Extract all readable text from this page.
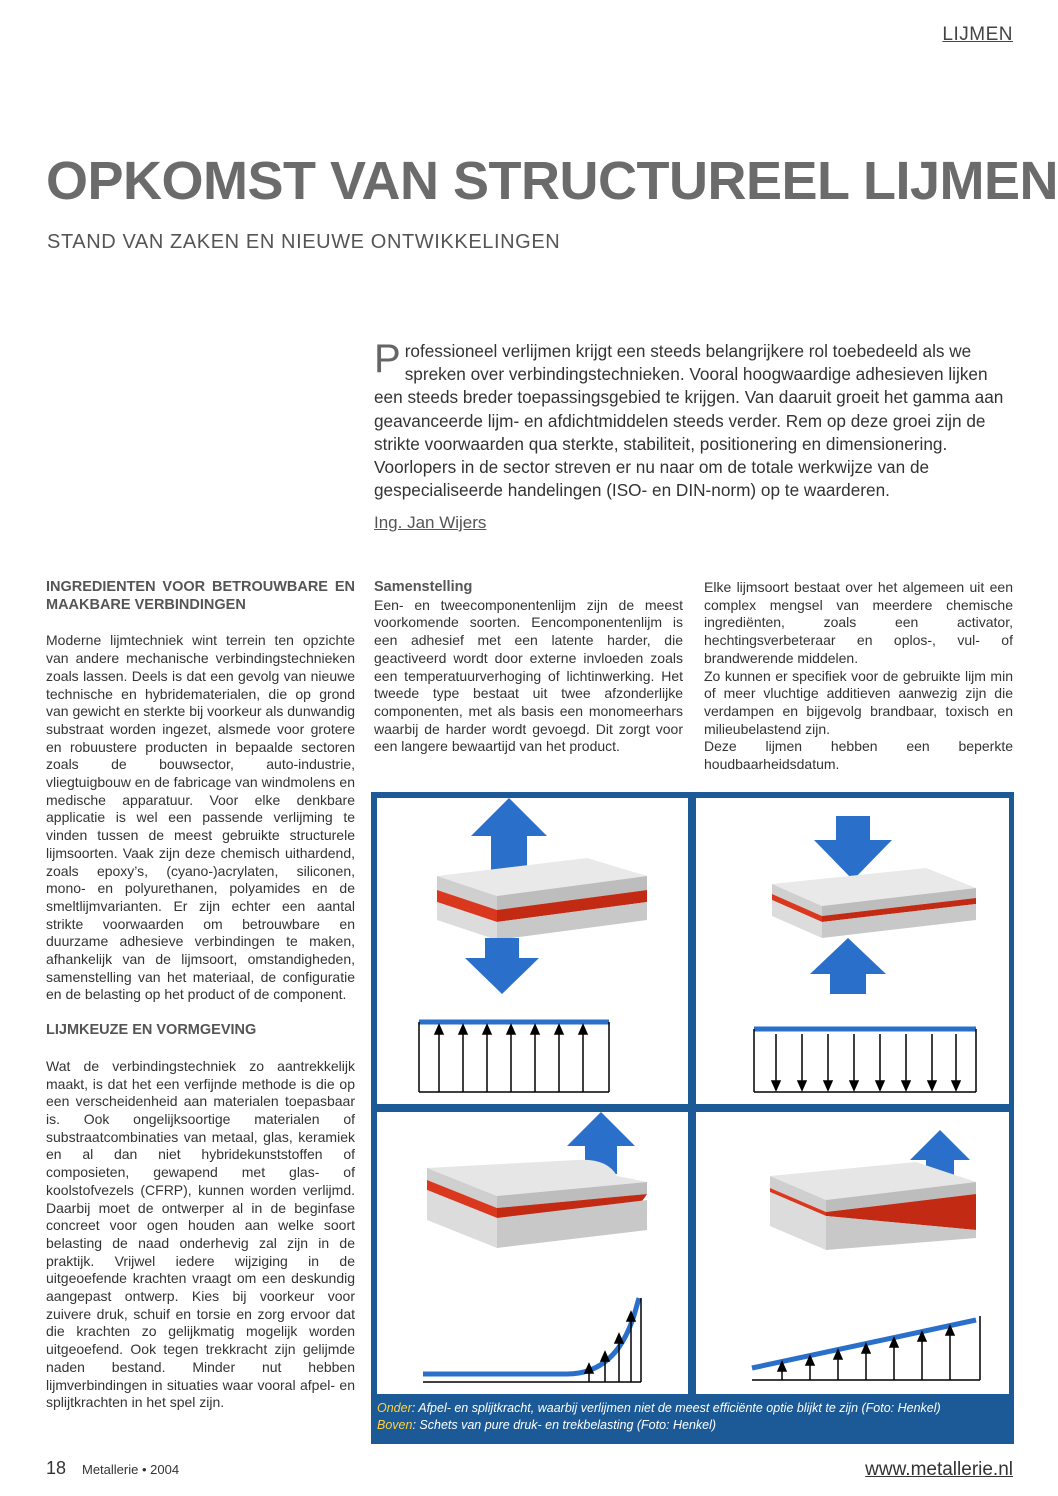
LIJMEN
OPKOMST VAN STRUCTUREEL LIJMEN
STAND VAN ZAKEN EN NIEUWE ONTWIKKELINGEN
Professioneel verlijmen krijgt een steeds belangrijkere rol toebedeeld als we spreken over verbindingstechnieken. Vooral hoogwaardige adhesieven lijken een steeds breder toepassingsgebied te krijgen. Van daaruit groeit het gamma aan geavanceerde lijm- en afdichtmiddelen steeds verder. Rem op deze groei zijn de strikte voorwaarden qua sterkte, stabiliteit, positionering en dimensionering. Voorlopers in de sector streven er nu naar om de totale werkwijze van de gespecialiseerde handelingen (ISO- en DIN-norm) op te waarderen.
Ing. Jan Wijers
INGREDIENTEN VOOR BETROUWBARE EN MAAKBARE VERBINDINGEN

Moderne lijmtechniek wint terrein ten opzichte van andere mechanische verbindingstechnieken zoals lassen. Deels is dat een gevolg van nieuwe technische en hybridematerialen, die op grond van gewicht en sterkte bij voorkeur als dunwandig substraat worden ingezet, alsmede voor grotere en robuustere producten in bepaalde sectoren zoals de bouwsector, auto-industrie, vliegtuigbouw en de fabricage van windmolens en medische apparatuur. Voor elke denkbare applicatie is wel een passende verlijming te vinden tussen de meest gebruikte structurele lijmsoorten. Vaak zijn deze chemisch uithardend, zoals epoxy’s, (cyano-)acrylaten, siliconen, mono- en polyurethanen, polyamides en de smeltlijmvarianten. Er zijn echter een aantal strikte voorwaarden om betrouwbare en duurzame adhesieve verbindingen te maken, afhankelijk van de lijmsoort, omstandigheden, samenstelling van het materiaal, de configuratie en de belasting op het product of de component.

LIJMKEUZE EN VORMGEVING

Wat de verbindingstechniek zo aantrekkelijk maakt, is dat het een verfijnde methode is die op een verscheidenheid aan materialen toepasbaar is. Ook ongelijksoortige materialen of substraatcombinaties van metaal, glas, keramiek en al dan niet hybridekunststoffen of composieten, gewapend met glas- of koolstofvezels (CFRP), kunnen worden verlijmd. Daarbij moet de ontwerper al in de beginfase concreet voor ogen houden aan welke soort belasting de naad onderhevig zal zijn in de praktijk. Vrijwel iedere wijziging in de uitgeoefende krachten vraagt om een deskundig aangepast ontwerp. Kies bij voorkeur voor zuivere druk, schuif en torsie en zorg ervoor dat die krachten zo gelijkmatig mogelijk worden uitgeoefend. Ook tegen trekkracht zijn gelijmde naden bestand. Minder nut hebben lijmverbindingen in situaties waar vooral afpel- en splijtkrachten in het spel zijn.

Samenstelling

Een- en tweecomponentenlijm zijn de meest voorkomende soorten. Eencomponentenlijm is een adhesief met een latente harder, die geactiveerd wordt door externe invloeden zoals een temperatuurverhoging of lichtinwerking. Het tweede type bestaat uit twee afzonderlijke componenten, met als basis een monomeerhars waarbij de harder wordt gevoegd. Dit zorgt voor een langere bewaartijd van het product.

Elke lijmsoort bestaat over het algemeen uit een complex mengsel van meerdere chemische ingrediënten, zoals een activator, hechtingsverbeteraar en oplos-, vul- of brandwerende middelen.

Zo kunnen er specifiek voor de gebruikte lijm min of meer vluchtige additieven aanwezig zijn die verdampen en bijgevolg brandbaar, toxisch en milieubelastend zijn.

Deze lijmen hebben een beperkte houdbaarheidsdatum.

Onder: Afpel- en splijtkracht, waarbij verlijmen niet de meest efficiënte optie blijkt te zijn (Foto: Henkel)
Boven: Schets van pure druk- en trekbelasting (Foto: Henkel)
18 Metallerie • 2004	www.metallerie.nl
